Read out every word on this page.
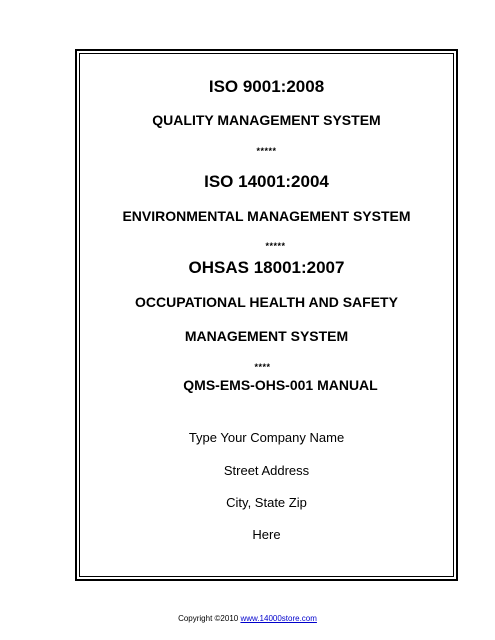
ISO 9001:2008
QUALITY MANAGEMENT SYSTEM
*****
ISO 14001:2004
ENVIRONMENTAL MANAGEMENT SYSTEM
*****
OHSAS 18001:2007
OCCUPATIONAL HEALTH AND SAFETY
MANAGEMENT SYSTEM
****
QMS-EMS-OHS-001 MANUAL
Type Your Company Name
Street Address
City, State Zip
Here
Copyright ©2010 www.14000store.com
